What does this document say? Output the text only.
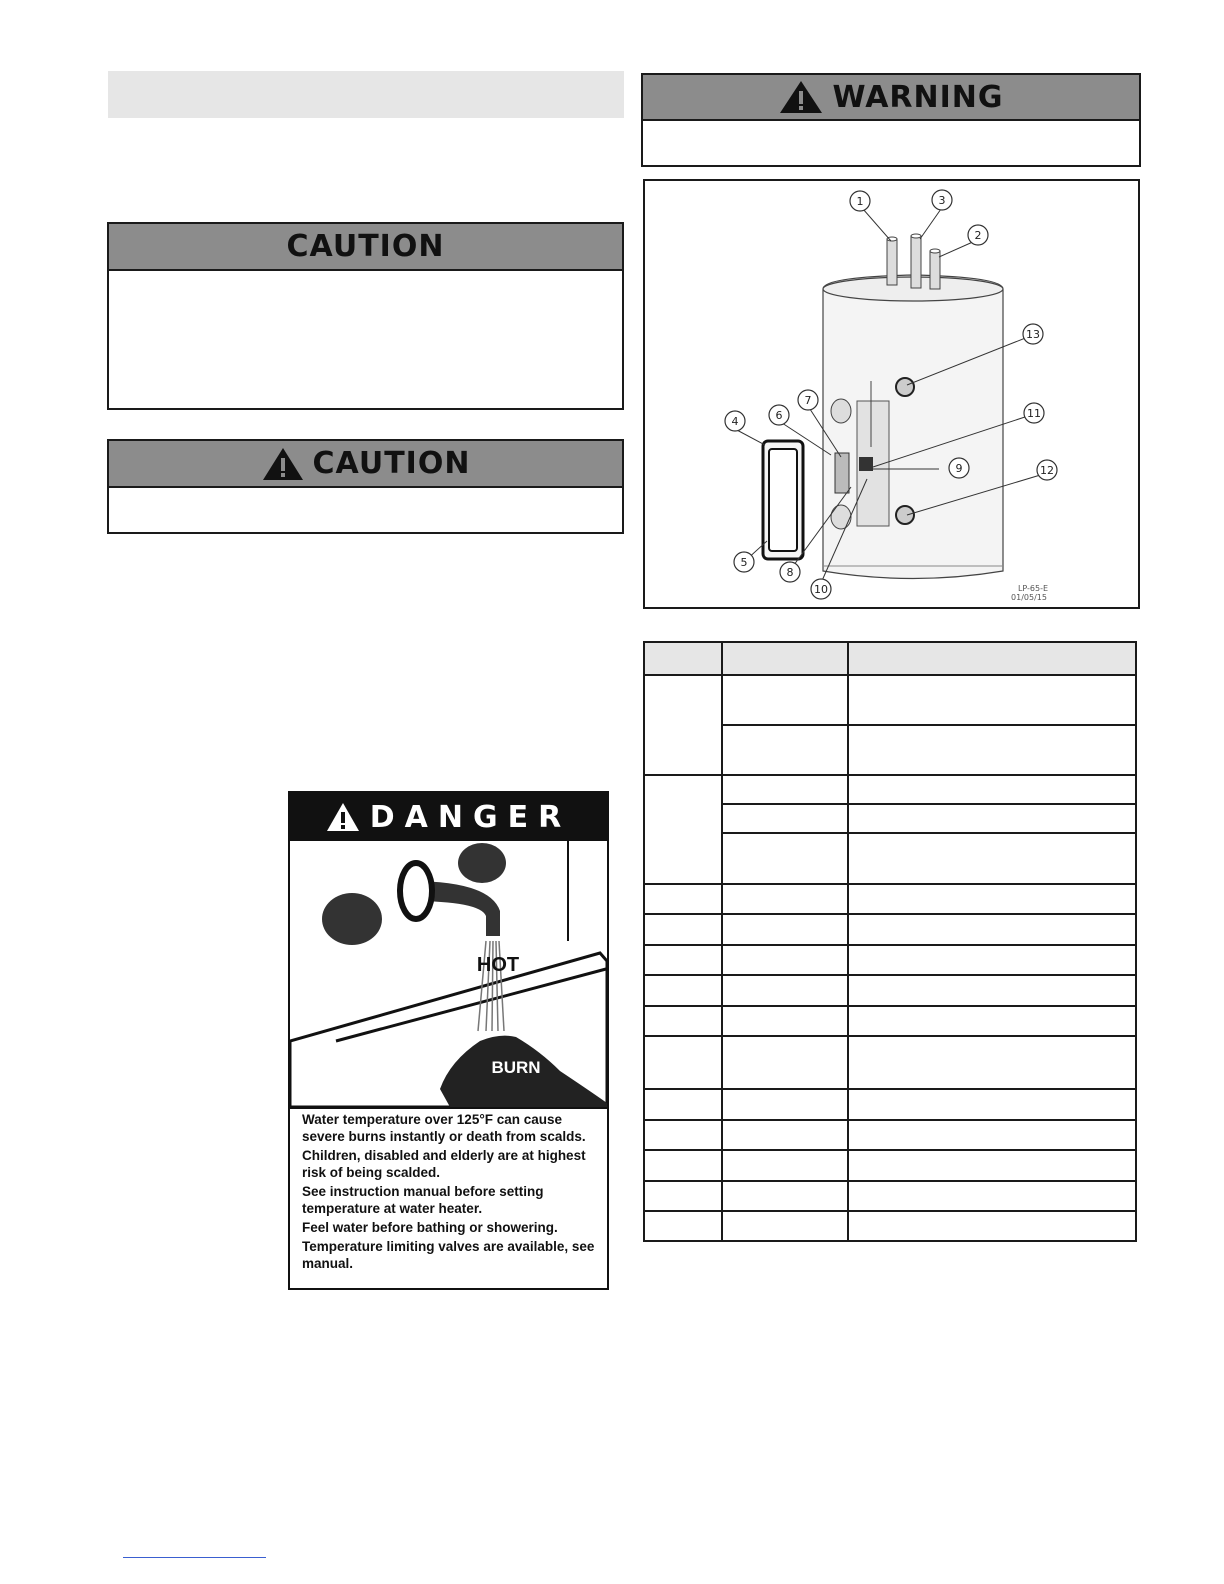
CAUTION
CAUTION
WARNING
1
2
3
4
5
6
7
8
9
10
11
12
13
LP-65-E
01/05/15

DANGER
HOT
BURN

Water temperature over 125°F can cause severe burns instantly or death from scalds.

Children, disabled and elderly are at highest risk of being scalded.

See instruction manual before setting temperature at water heater.

Feel water before bathing or showering.

Temperature limiting valves are available, see manual.
